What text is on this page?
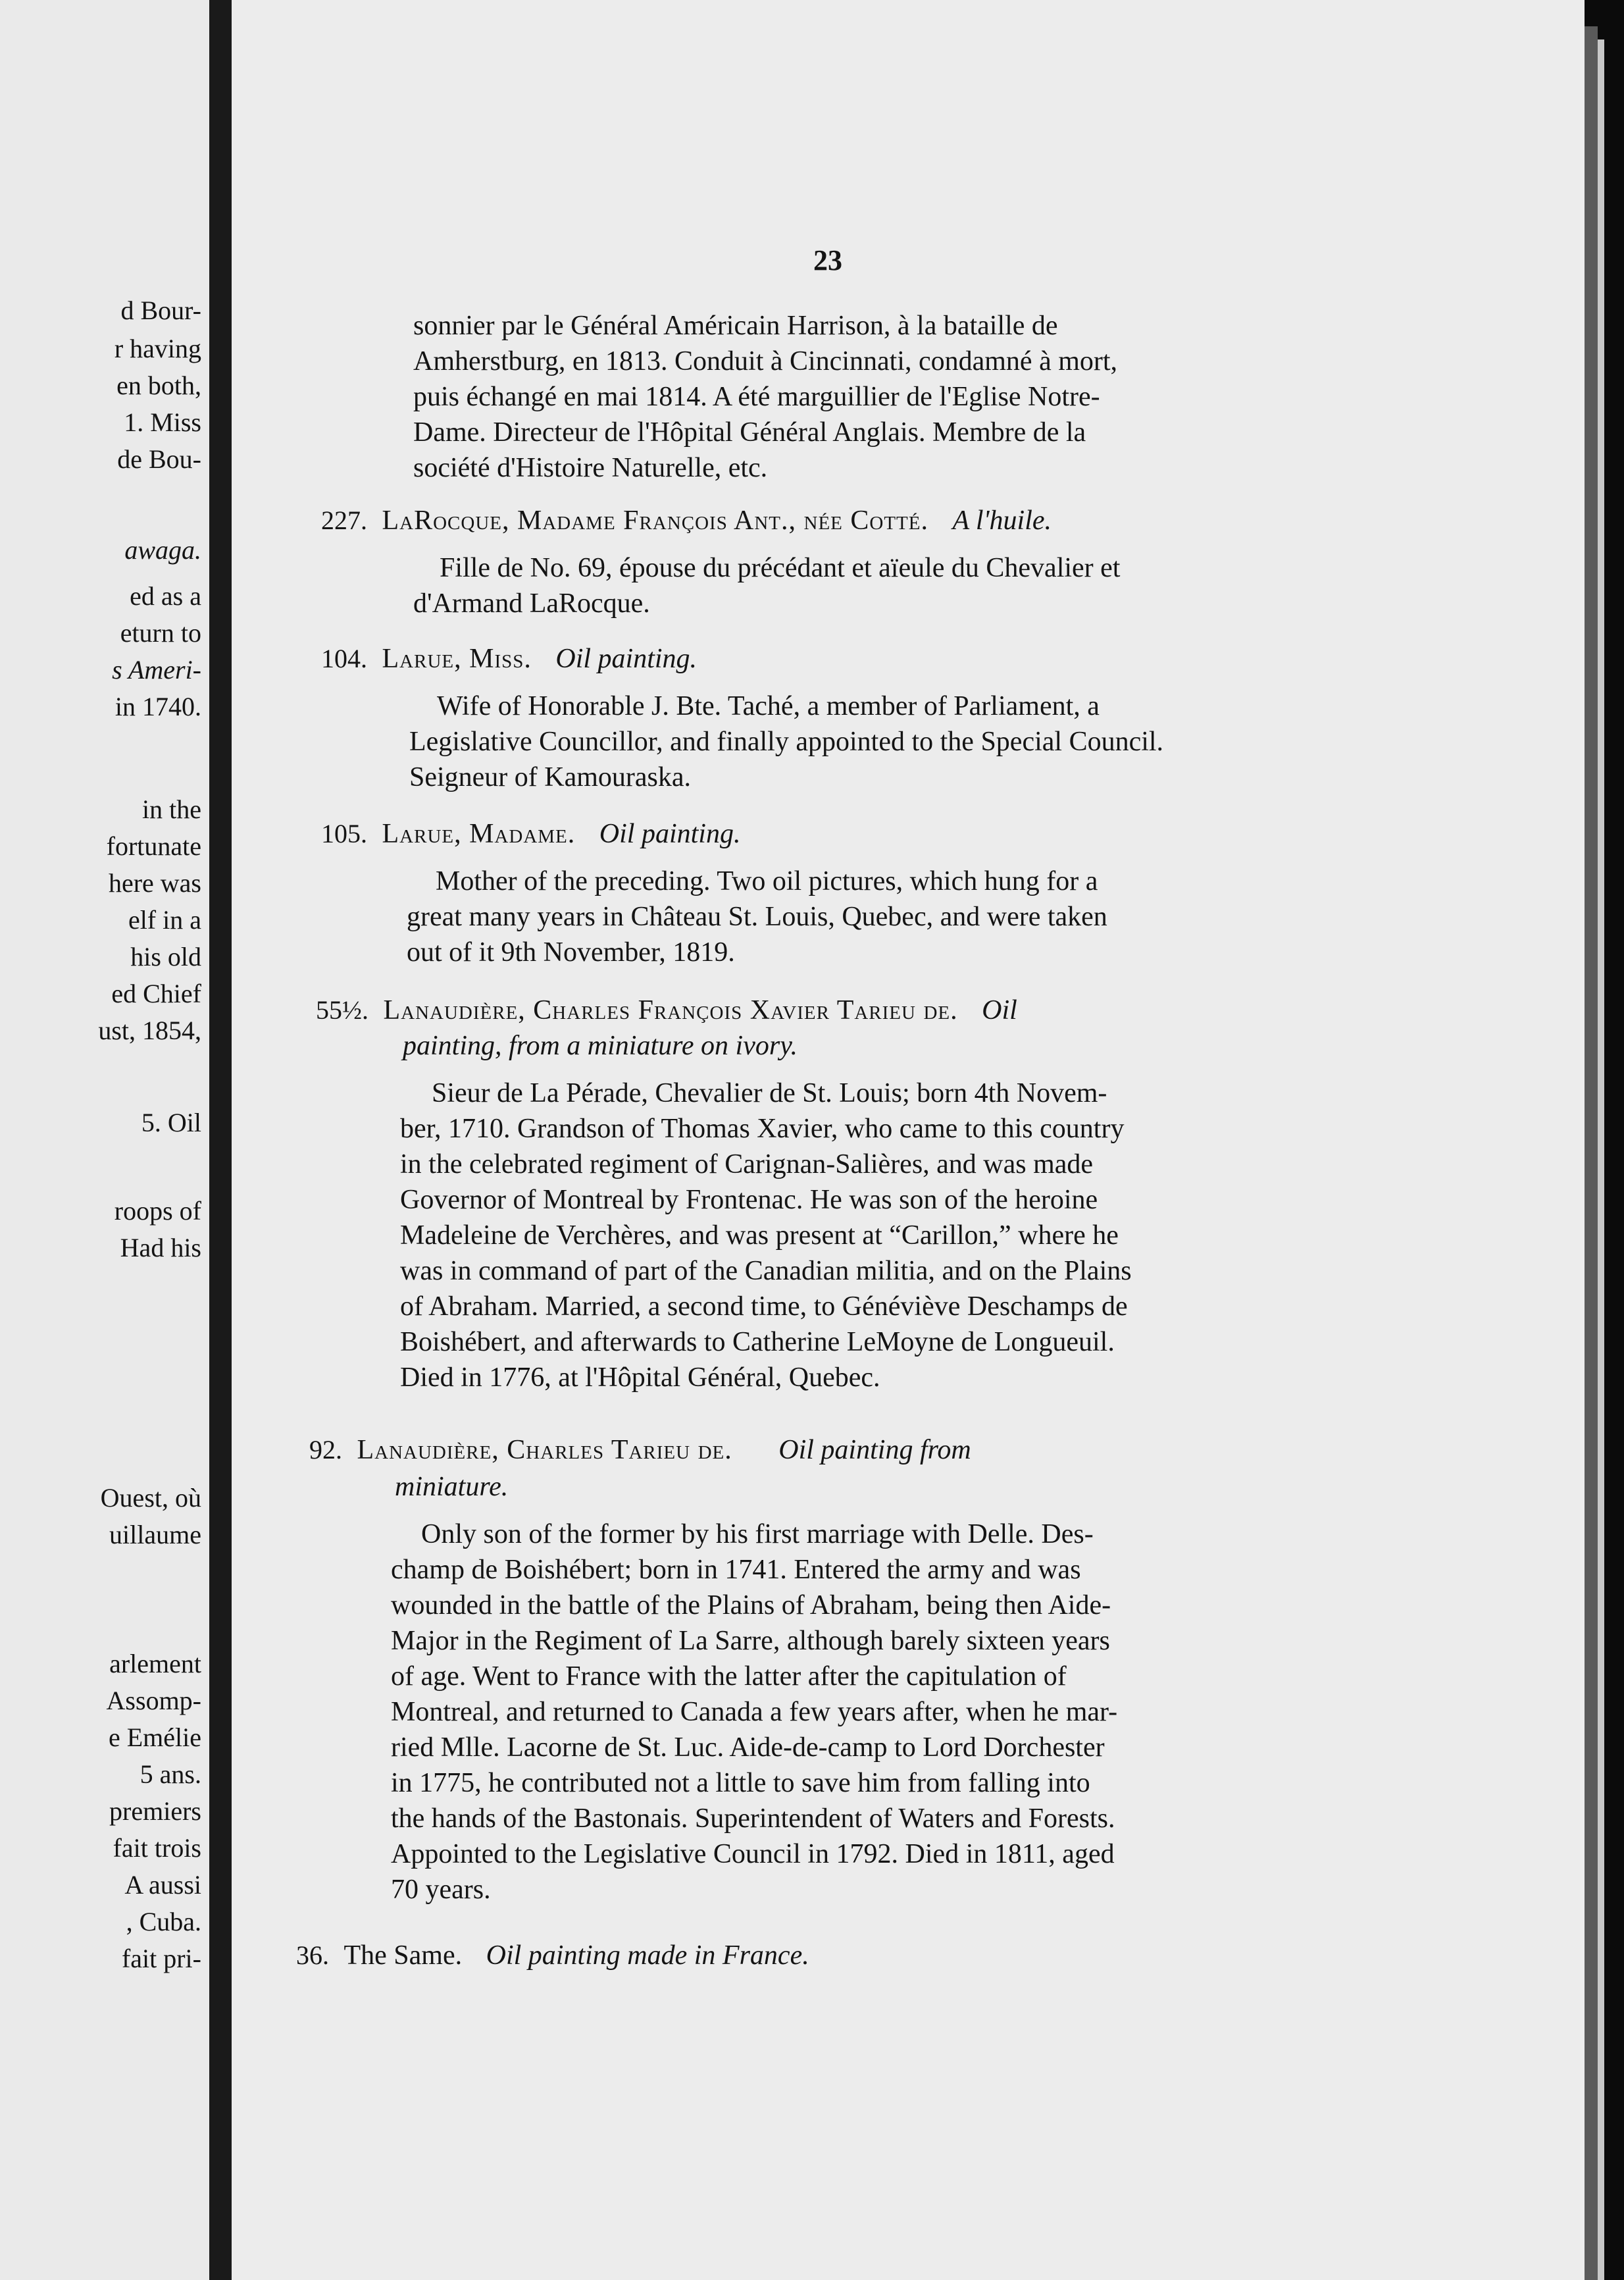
d Bour-
r having
en both,
1. Miss
de Bou-
awaga.
ed as a
eturn to
s Ameri-
in 1740.
in the
fortunate
here was
elf in a
his old
ed Chief
ust, 1854,
5. Oil
roops of
Had his
Ouest, où
uillaume
arlement
Assomp-
e Emélie
5 ans.
premiers
fait trois
A aussi
, Cuba.
fait pri-
23
sonnier par le Général Américain Harrison, à la bataille de
Amherstburg, en 1813. Conduit à Cincinnati, condamné à mort,
puis échangé en mai 1814. A été marguillier de l'Eglise Notre-
Dame. Directeur de l'Hôpital Général Anglais. Membre de la
société d'Histoire Naturelle, etc.
227. LaRocque, Madame François Ant., née Cotté. A l'huile.
Fille de No. 69, épouse du précédant et aïeule du Chevalier et
d'Armand LaRocque.
104. Larue, Miss. Oil painting.
Wife of Honorable J. Bte. Taché, a member of Parliament, a
Legislative Councillor, and finally appointed to the Special Council.
Seigneur of Kamouraska.
105. Larue, Madame. Oil painting.
Mother of the preceding. Two oil pictures, which hung for a
great many years in Château St. Louis, Quebec, and were taken
out of it 9th November, 1819.
55½. Lanaudière, Charles François Xavier Tarieu de. Oil
painting, from a miniature on ivory.
Sieur de La Pérade, Chevalier de St. Louis; born 4th Novem-
ber, 1710. Grandson of Thomas Xavier, who came to this country
in the celebrated regiment of Carignan-Salières, and was made
Governor of Montreal by Frontenac. He was son of the heroine
Madeleine de Verchères, and was present at “Carillon,” where he
was in command of part of the Canadian militia, and on the Plains
of Abraham. Married, a second time, to Généviève Deschamps de
Boishébert, and afterwards to Catherine LeMoyne de Longueuil.
Died in 1776, at l'Hôpital Général, Quebec.
92. Lanaudière, Charles Tarieu de. Oil painting from
miniature.
Only son of the former by his first marriage with Delle. Des-
champ de Boishébert; born in 1741. Entered the army and was
wounded in the battle of the Plains of Abraham, being then Aide-
Major in the Regiment of La Sarre, although barely sixteen years
of age. Went to France with the latter after the capitulation of
Montreal, and returned to Canada a few years after, when he mar-
ried Mlle. Lacorne de St. Luc. Aide-de-camp to Lord Dorchester
in 1775, he contributed not a little to save him from falling into
the hands of the Bastonais. Superintendent of Waters and Forests.
Appointed to the Legislative Council in 1792. Died in 1811, aged
70 years.
36. The Same. Oil painting made in France.
